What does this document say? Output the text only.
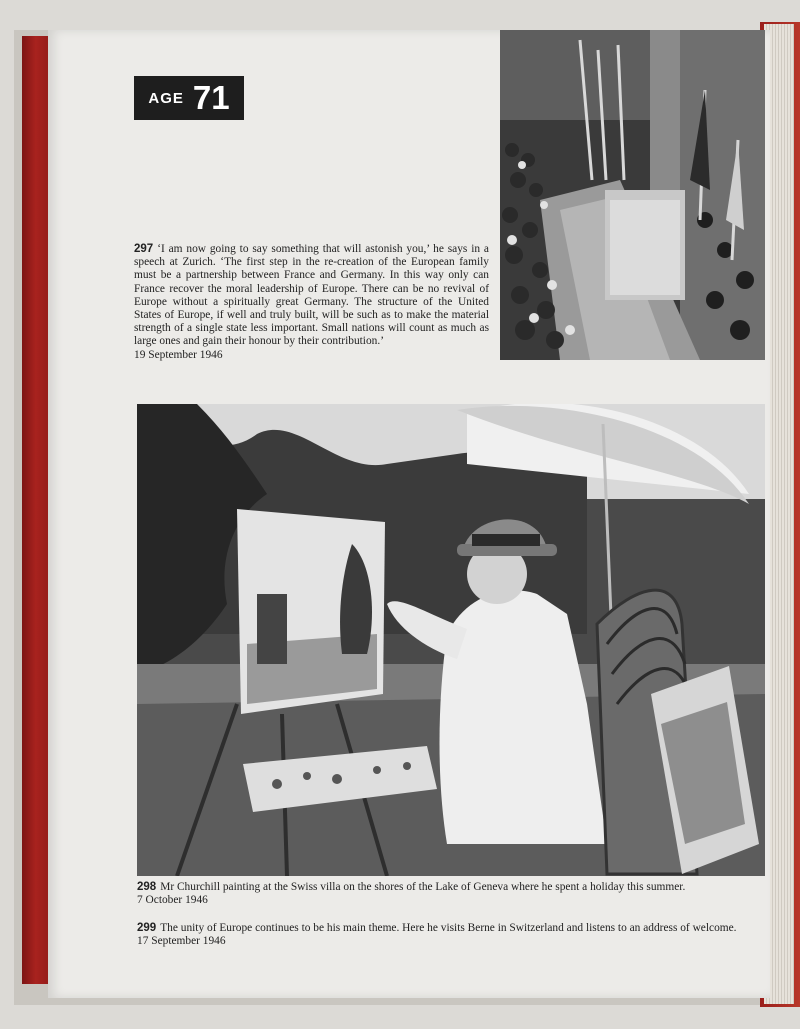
AGE 71
297 ‘I am now going to say something that will astonish you,’ he says in a speech at Zurich. ‘The first step in the re-creation of the European family must be a partnership between France and Germany. In this way only can France recover the moral leadership of Europe. There can be no revival of Europe without a spiritually great Germany. The structure of the United States of Europe, if well and truly built, will be such as to make the material strength of a single state less important. Small nations will count as much as large ones and gain their honour by their contribution.’
19 September 1946
298 Mr Churchill painting at the Swiss villa on the shores of the Lake of Geneva where he spent a holiday this summer.
7 October 1946
299 The unity of Europe continues to be his main theme. Here he visits Berne in Switzerland and listens to an address of welcome.
17 September 1946
